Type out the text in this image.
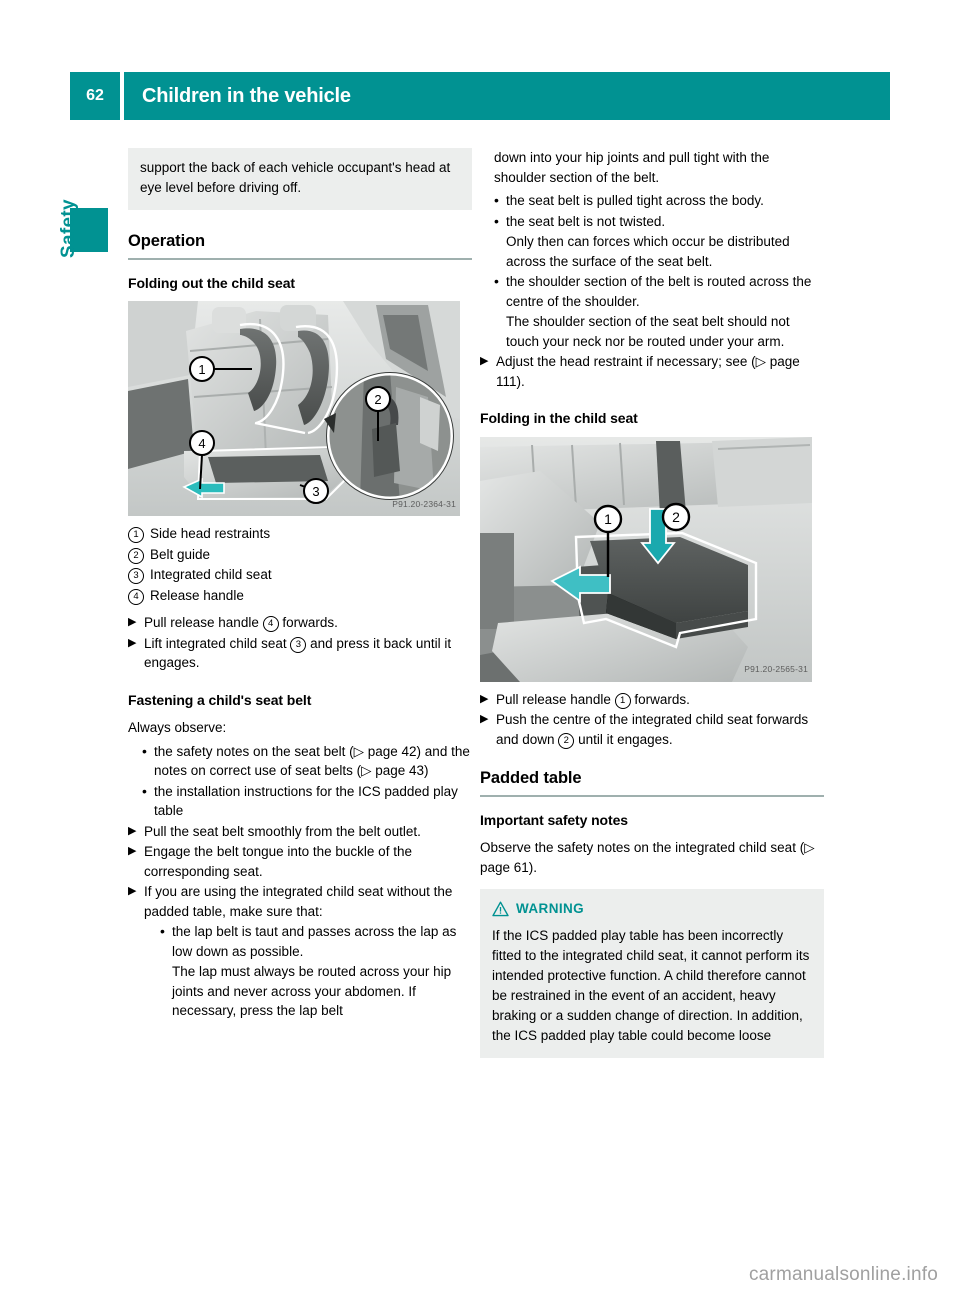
62	Children in the vehicle
Safety
support the back of each vehicle occupant's head at eye level before driving off.
Operation
Folding out the child seat
1
2
3
4
P91.20-2364-31
1 Side head restraints
2 Belt guide
3 Integrated child seat
4 Release handle
▶ Pull release handle 4 forwards.
▶ Lift integrated child seat 3 and press it back until it engages.
Fastening a child's seat belt
Always observe:
• the safety notes on the seat belt (▷ page 42) and the notes on correct use of seat belts (▷ page 43)
• the installation instructions for the ICS padded play table
▶ Pull the seat belt smoothly from the belt outlet.
▶ Engage the belt tongue into the buckle of the corresponding seat.
▶ If you are using the integrated child seat without the padded table, make sure that:
• the lap belt is taut and passes across the lap as low down as possible.
The lap must always be routed across your hip joints and never across your abdomen. If necessary, press the lap belt
down into your hip joints and pull tight with the shoulder section of the belt.
• the seat belt is pulled tight across the body.
• the seat belt is not twisted.
Only then can forces which occur be distributed across the surface of the seat belt.
• the shoulder section of the belt is routed across the centre of the shoulder.
The shoulder section of the seat belt should not touch your neck nor be routed under your arm.
▶ Adjust the head restraint if necessary; see (▷ page 111).
Folding in the child seat
1	2
P91.20-2565-31
▶ Pull release handle 1 forwards.
▶ Push the centre of the integrated child seat forwards and down 2 until it engages.
Padded table
Important safety notes
Observe the safety notes on the integrated child seat (▷ page 61).
WARNING
If the ICS padded play table has been incorrectly fitted to the integrated child seat, it cannot perform its intended protective function. A child therefore cannot be restrained in the event of an accident, heavy braking or a sudden change of direction. In addition, the ICS padded play table could become loose
carmanualsonline.info
